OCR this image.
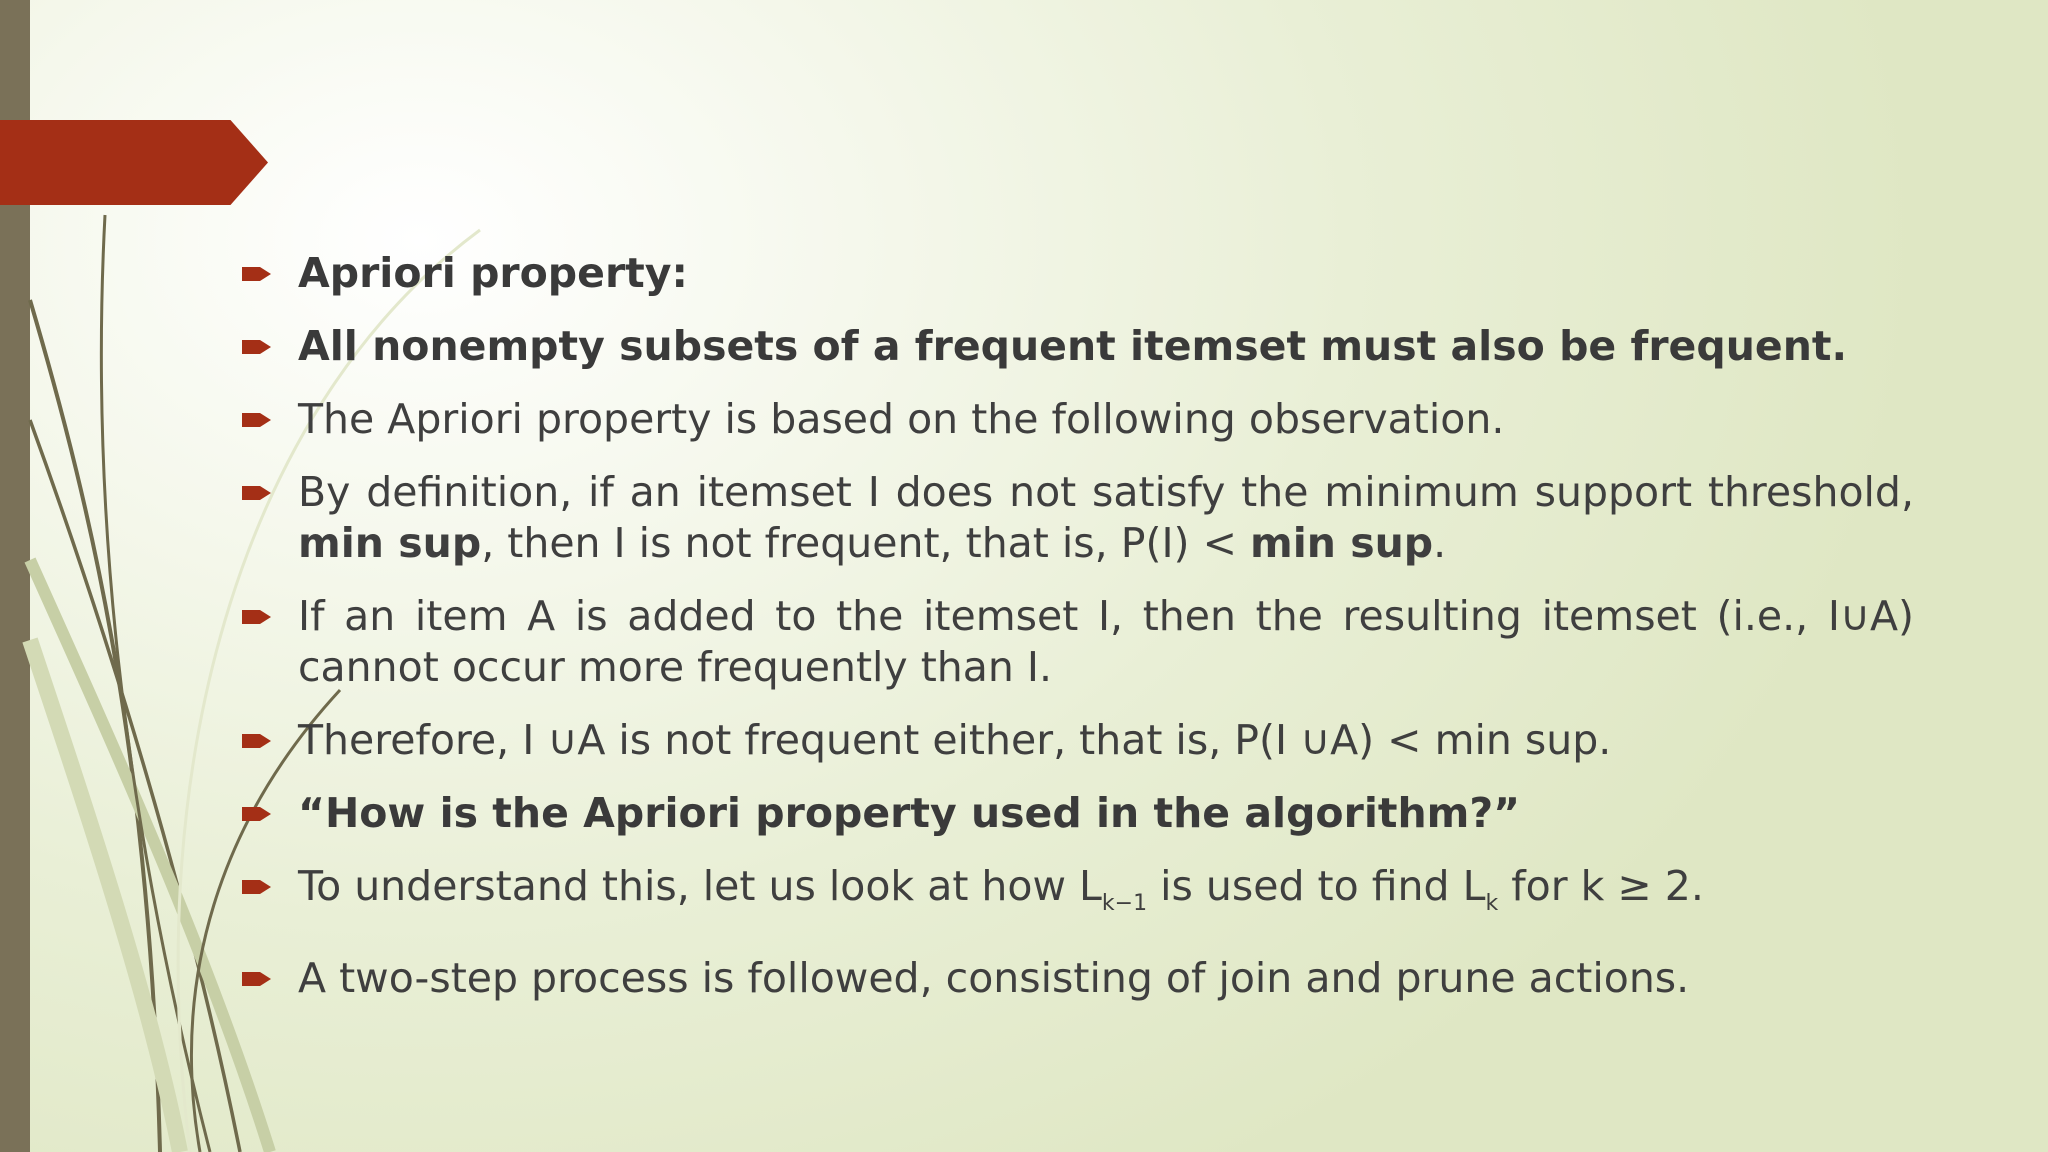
Apriori property:
All nonempty subsets of a frequent itemset must also be frequent.
The Apriori property is based on the following observation.
By definition, if an itemset I does not satisfy the minimum support threshold, min sup, then I is not frequent, that is, P(I) < min sup.
If an item A is added to the itemset I, then the resulting itemset (i.e., I∪A) cannot occur more frequently than I.
Therefore, I ∪A is not frequent either, that is, P(I ∪A) < min sup.
“How is the Apriori property used in the algorithm?”
To understand this, let us look at how $L_{k-1}$ is used to find $L_k$ for k ≥ 2.
A two-step process is followed, consisting of join and prune actions.
